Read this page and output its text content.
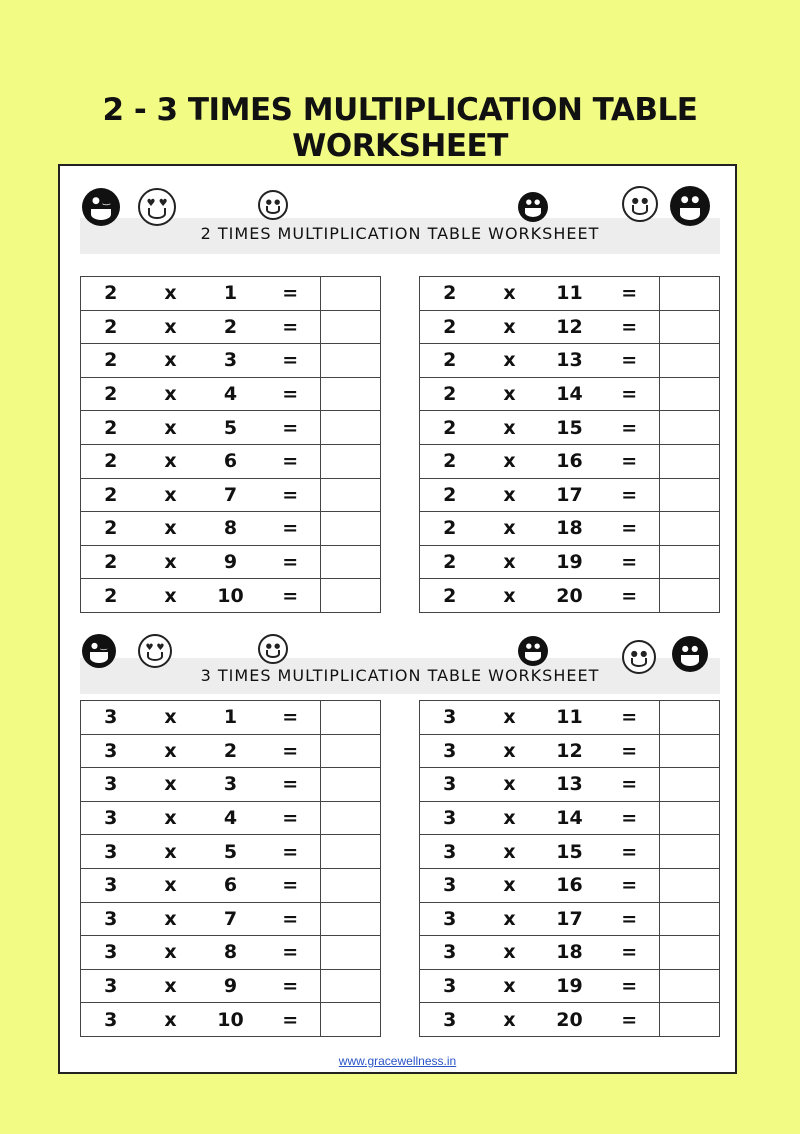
2 - 3 TIMES MULTIPLICATION TABLE WORKSHEET
● ‿	♥ ♥	● ●	● ●	● ●	● ●
2 TIMES MULTIPLICATION TABLE WORKSHEET
2	x	1	=	
2	x	2	=	
2	x	3	=	
2	x	4	=	
2	x	5	=	
2	x	6	=	
2	x	7	=	
2	x	8	=	
2	x	9	=	
2	x	10	=	
2	x	11	=	
2	x	12	=	
2	x	13	=	
2	x	14	=	
2	x	15	=	
2	x	16	=	
2	x	17	=	
2	x	18	=	
2	x	19	=	
2	x	20	=	
● ‿	♥ ♥	● ●	● ●
● ●
● ●
3 TIMES MULTIPLICATION TABLE WORKSHEET
3	x	1	=	
3	x	2	=	
3	x	3	=	
3	x	4	=	
3	x	5	=	
3	x	6	=	
3	x	7	=	
3	x	8	=	
3	x	9	=	
3	x	10	=	
3	x	11	=	
3	x	12	=	
3	x	13	=	
3	x	14	=	
3	x	15	=	
3	x	16	=	
3	x	17	=	
3	x	18	=	
3	x	19	=	
3	x	20	=	
www.gracewellness.in
